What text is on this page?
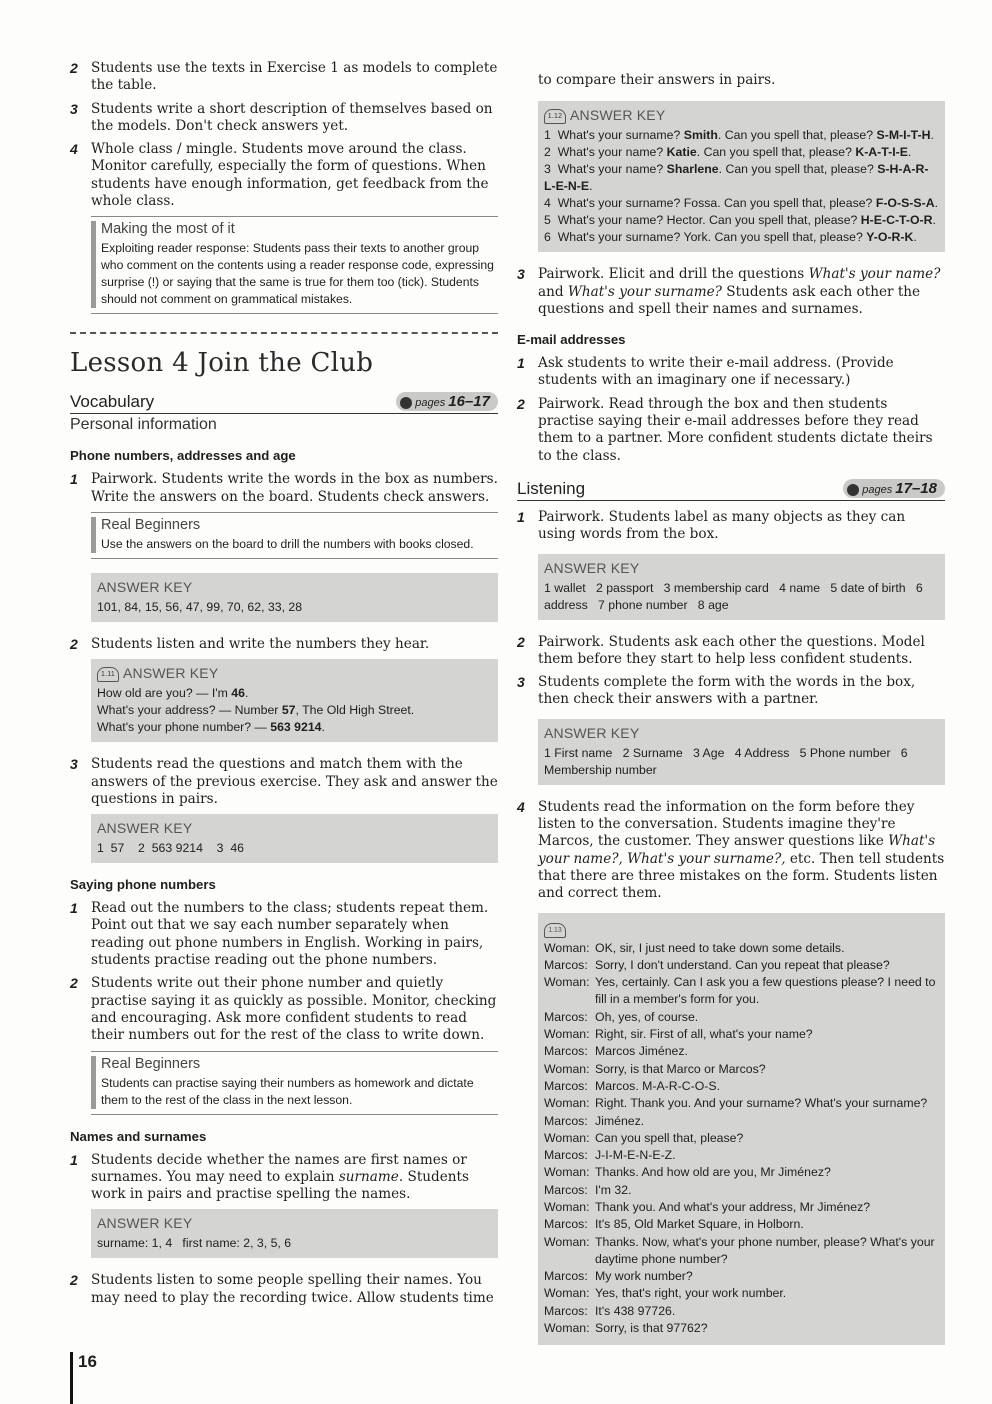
2 Students use the texts in Exercise 1 as models to complete the table.
3 Students write a short description of themselves based on the models. Don't check answers yet.
4 Whole class / mingle. Students move around the class. Monitor carefully, especially the form of questions. When students have enough information, get feedback from the whole class.
Making the most of it
Exploiting reader response: Students pass their texts to another group who comment on the contents using a reader response code, expressing surprise (!) or saying that the same is true for them too (tick). Students should not comment on grammatical mistakes.
Lesson 4 Join the Club
Vocabulary	pages 16–17
Personal information
Phone numbers, addresses and age
1 Pairwork. Students write the words in the box as numbers. Write the answers on the board. Students check answers.
Real Beginners
Use the answers on the board to drill the numbers with books closed.
ANSWER KEY
101, 84, 15, 56, 47, 99, 70, 62, 33, 28
2 Students listen and write the numbers they hear.
1.11 ANSWER KEY
How old are you? — I'm 46.
What's your address? — Number 57, The Old High Street.
What's your phone number? — 563 9214.
3 Students read the questions and match them with the answers of the previous exercise. They ask and answer the questions in pairs.
ANSWER KEY
1  57    2  563 9214    3  46
Saying phone numbers
1 Read out the numbers to the class; students repeat them. Point out that we say each number separately when reading out phone numbers in English. Working in pairs, students practise reading out the phone numbers.
2 Students write out their phone number and quietly practise saying it as quickly as possible. Monitor, checking and encouraging. Ask more confident students to read their numbers out for the rest of the class to write down.
Real Beginners
Students can practise saying their numbers as homework and dictate them to the rest of the class in the next lesson.
Names and surnames
1 Students decide whether the names are first names or surnames. You may need to explain surname. Students work in pairs and practise spelling the names.
ANSWER KEY
surname: 1, 4   first name: 2, 3, 5, 6
2 Students listen to some people spelling their names. You may need to play the recording twice. Allow students time
16
to compare their answers in pairs.
1.12 ANSWER KEY
1 What's your surname? Smith. Can you spell that, please? S-M-I-T-H.
2 What's your name? Katie. Can you spell that, please? K-A-T-I-E.
3 What's your name? Sharlene. Can you spell that, please? S-H-A-R-L-E-N-E.
4 What's your surname? Fossa. Can you spell that, please? F-O-S-S-A.
5 What's your name? Hector. Can you spell that, please? H-E-C-T-O-R.
6 What's your surname? York. Can you spell that, please? Y-O-R-K.
3 Pairwork. Elicit and drill the questions What's your name? and What's your surname? Students ask each other the questions and spell their names and surnames.
E-mail addresses
1 Ask students to write their e-mail address. (Provide students with an imaginary one if necessary.)
2 Pairwork. Read through the box and then students practise saying their e-mail addresses before they read them to a partner. More confident students dictate theirs to the class.
Listening	pages 17–18
1 Pairwork. Students label as many objects as they can using words from the box.
ANSWER KEY
1 wallet   2 passport   3 membership card   4 name   5 date of birth   6 address   7 phone number   8 age
2 Pairwork. Students ask each other the questions. Model them before they start to help less confident students.
3 Students complete the form with the words in the box, then check their answers with a partner.
ANSWER KEY
1 First name   2 Surname   3 Age   4 Address   5 Phone number   6 Membership number
4 Students read the information on the form before they listen to the conversation. Students imagine they're Marcos, the customer. They answer questions like What's your name?, What's your surname?, etc. Then tell students that there are three mistakes on the form. Students listen and correct them.
1.13
Woman: OK, sir, I just need to take down some details.
Marcos: Sorry, I don't understand. Can you repeat that please?
Woman: Yes, certainly. Can I ask you a few questions please? I need to fill in a member's form for you.
Marcos: Oh, yes, of course.
Woman: Right, sir. First of all, what's your name?
Marcos: Marcos Jiménez.
Woman: Sorry, is that Marco or Marcos?
Marcos: Marcos. M-A-R-C-O-S.
Woman: Right. Thank you. And your surname? What's your surname?
Marcos: Jiménez.
Woman: Can you spell that, please?
Marcos: J-I-M-E-N-E-Z.
Woman: Thanks. And how old are you, Mr Jiménez?
Marcos: I'm 32.
Woman: Thank you. And what's your address, Mr Jiménez?
Marcos: It's 85, Old Market Square, in Holborn.
Woman: Thanks. Now, what's your phone number, please? What's your daytime phone number?
Marcos: My work number?
Woman: Yes, that's right, your work number.
Marcos: It's 438 97726.
Woman: Sorry, is that 97762?
